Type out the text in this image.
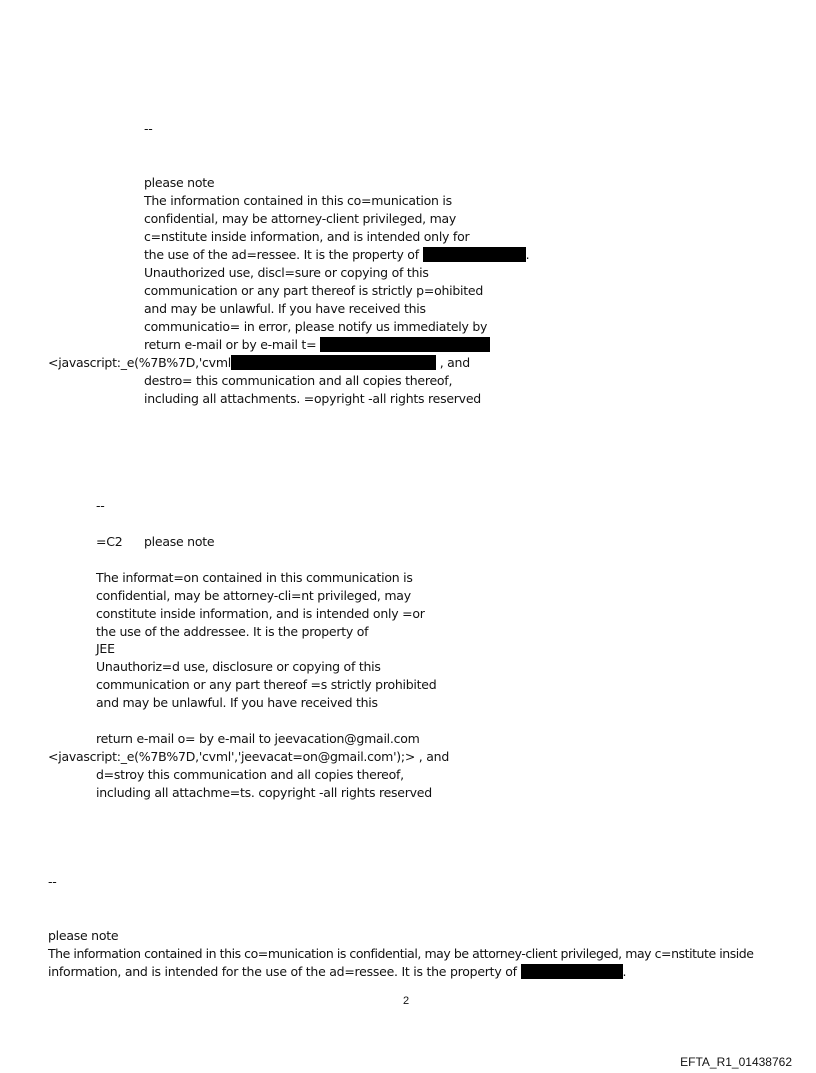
--
please note
The information contained in this co=munication is
confidential, may be attorney-client privileged, may
c=nstitute inside information, and is intended only for
the use of the ad=ressee. It is the property of	.
Unauthorized use, discl=sure or copying of this
communication or any part thereof is strictly p=ohibited
and may be unlawful. If you have received this
communicatio= in error, please notify us immediately by
return e-mail or by e-mail t=
<javascript:_e(%7B%7D,'cvml	, and
destro= this communication and all copies thereof,
including all attachments. =opyright -all rights reserved
--
=C2 please note
The informat=on contained in this communication is
confidential, may be attorney-cli=nt privileged, may
constitute inside information, and is intended only =or
the use of the addressee. It is the property of
JEE
Unauthoriz=d use, disclosure or copying of this
communication or any part thereof =s strictly prohibited
and may be unlawful. If you have received this
return e-mail o= by e-mail to jeevacation@gmail.com
<javascript:_e(%7B%7D,'cvml','jeevacat=on@gmail.com');> , and
d=stroy this communication and all copies thereof,
including all attachme=ts. copyright -all rights reserved
--
please note
The information contained in this co=munication is confidential, may be attorney-client privileged, may c=nstitute inside
information, and is intended for the use of the ad=ressee. It is the property of	.
2
EFTA_R1_01438762
